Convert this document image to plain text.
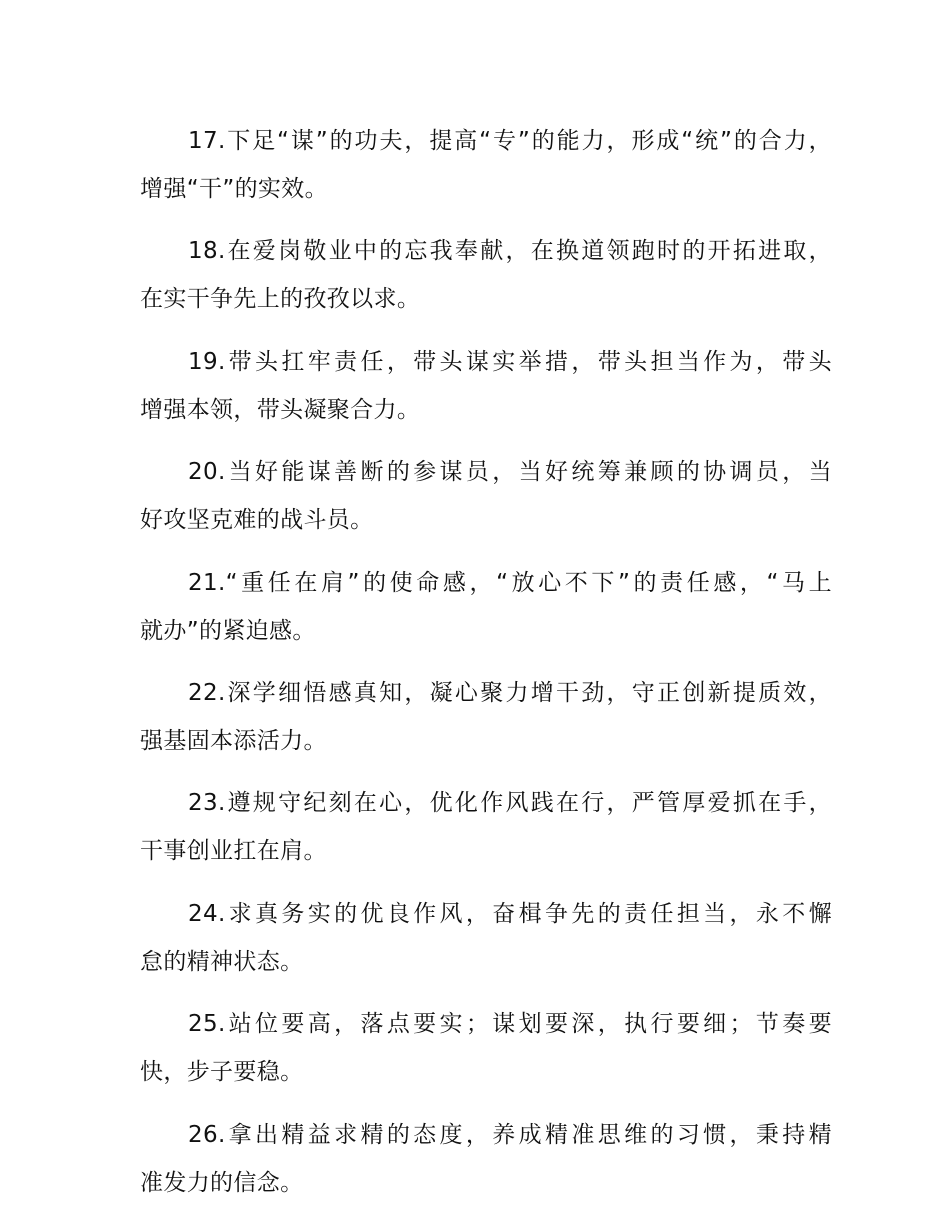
17.下足“谋”的功夫，提高“专”的能力，形成“统”的合力，
增强“干”的实效。

18.在爱岗敬业中的忘我奉献，在换道领跑时的开拓进取，
在实干争先上的孜孜以求。

19.带头扛牢责任，带头谋实举措，带头担当作为，带头
增强本领，带头凝聚合力。

20.当好能谋善断的参谋员，当好统筹兼顾的协调员，当
好攻坚克难的战斗员。

21.“重任在肩”的使命感，“放心不下”的责任感，“马上
就办”的紧迫感。

22.深学细悟感真知，凝心聚力增干劲，守正创新提质效，
强基固本添活力。

23.遵规守纪刻在心，优化作风践在行，严管厚爱抓在手，
干事创业扛在肩。

24.求真务实的优良作风，奋楫争先的责任担当，永不懈
怠的精神状态。

25.站位要高，落点要实；谋划要深，执行要细；节奏要
快，步子要稳。

26.拿出精益求精的态度，养成精准思维的习惯，秉持精
准发力的信念。
